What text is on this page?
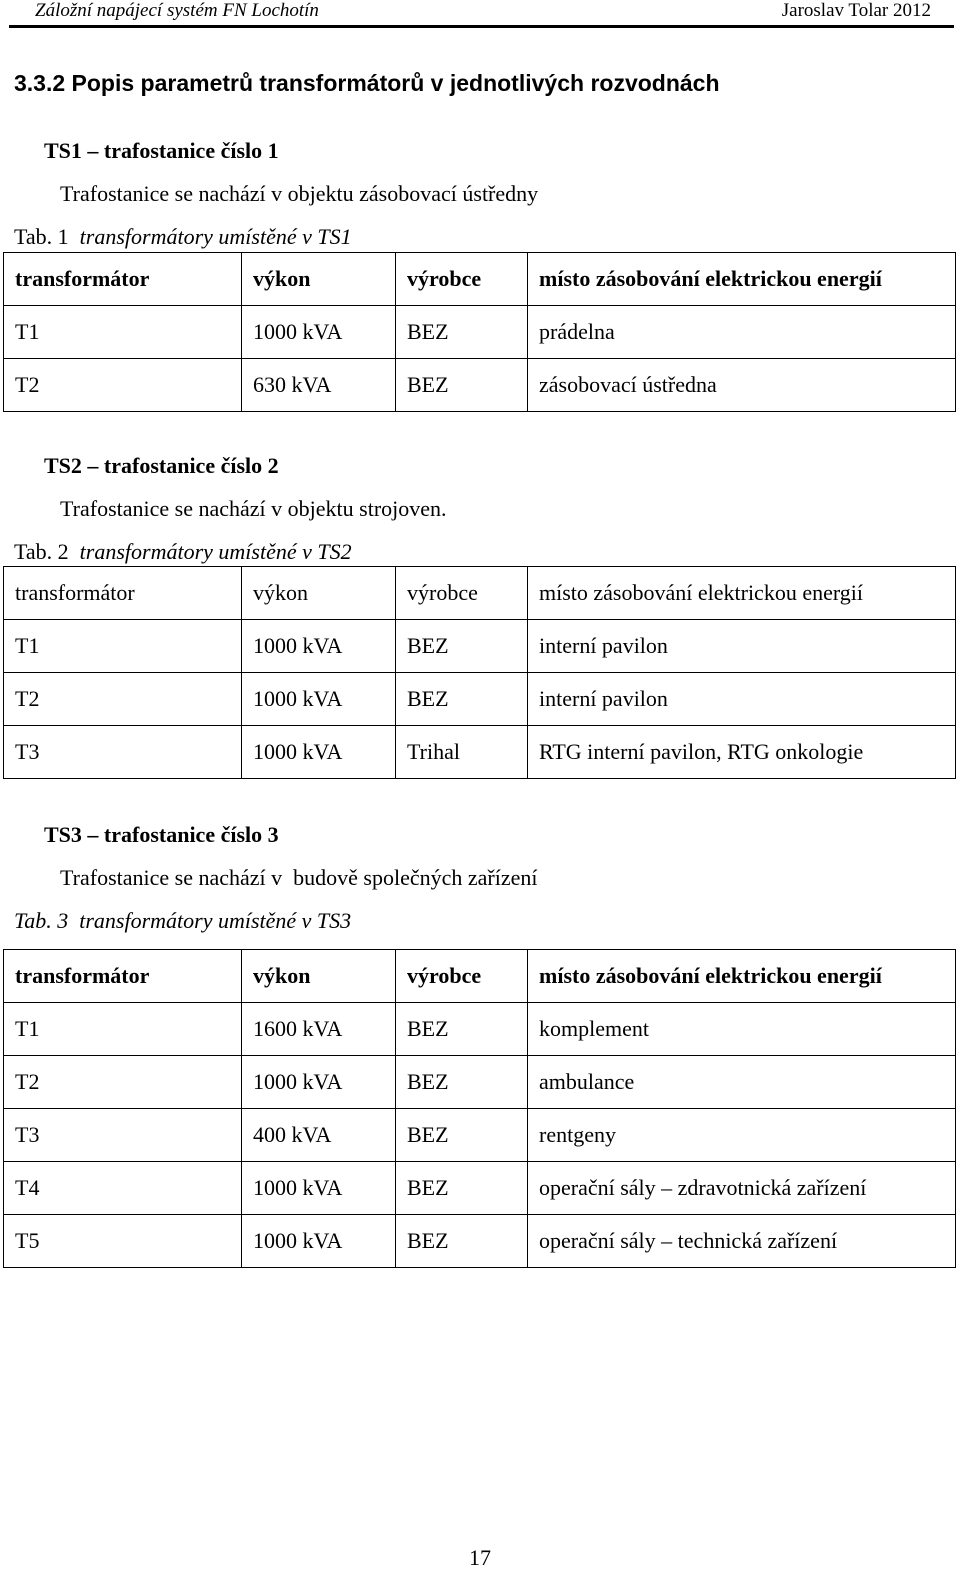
Záložní napájecí systém FN Lochotín	Jaroslav Tolar 2012
3.3.2 Popis parametrů transformátorů v jednotlivých rozvodnách
TS1 – trafostanice číslo 1
Trafostanice se nachází v objektu zásobovací ústředny
Tab. 1 transformátory umístěné v TS1
transformátor	výkon	výrobce	místo zásobování elektrickou energií
T1	1000 kVA	BEZ	prádelna
T2	630 kVA	BEZ	zásobovací ústředna
TS2 – trafostanice číslo 2
Trafostanice se nachází v objektu strojoven.
Tab. 2 transformátory umístěné v TS2
transformátor	výkon	výrobce	místo zásobování elektrickou energií
T1	1000 kVA	BEZ	interní pavilon
T2	1000 kVA	BEZ	interní pavilon
T3	1000 kVA	Trihal	RTG interní pavilon, RTG onkologie
TS3 – trafostanice číslo 3
Trafostanice se nachází v  budově společných zařízení
Tab. 3 transformátory umístěné v TS3
transformátor	výkon	výrobce	místo zásobování elektrickou energií
T1	1600 kVA	BEZ	komplement
T2	1000 kVA	BEZ	ambulance
T3	400 kVA	BEZ	rentgeny
T4	1000 kVA	BEZ	operační sály – zdravotnická zařízení
T5	1000 kVA	BEZ	operační sály – technická zařízení
17
